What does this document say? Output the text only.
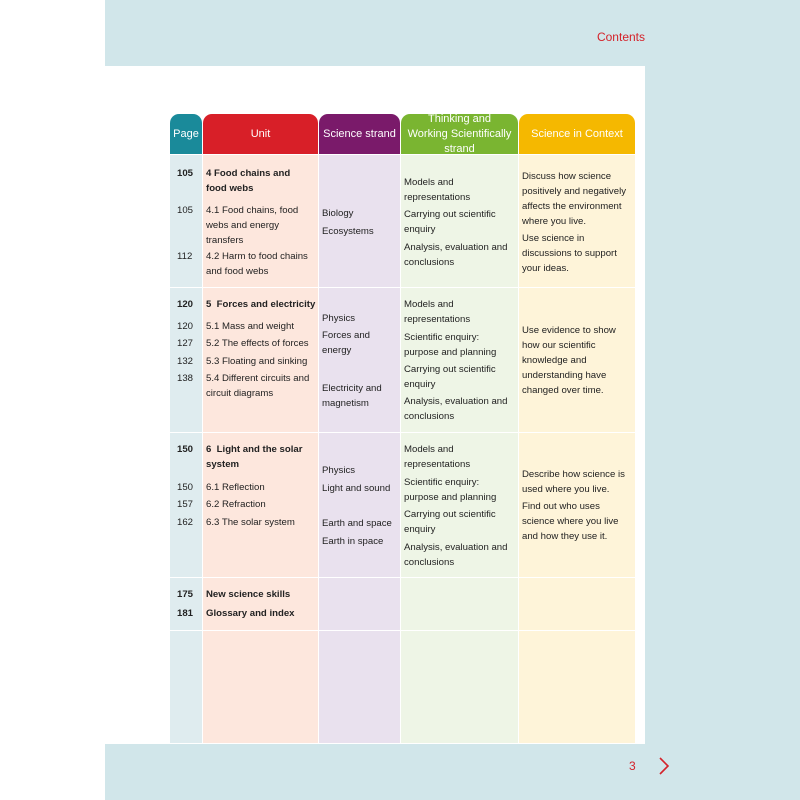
Contents
Page	Unit	Science strand
Thinking and Working Scientifically strand
Science in Context
105
105
112
4 Food chains and food webs
4.1 Food chains, food webs and energy transfers
4.2 Harm to food chains and food webs
Biology
Ecosystems
Models and representations
Carrying out scientific enquiry
Analysis, evaluation and conclusions
Discuss how science positively and negatively affects the environment where you live.
Use science in discussions to support your ideas.
120
120
127
132
138
5  Forces and electricity
5.1 Mass and weight
5.2 The effects of forces
5.3 Floating and sinking
5.4 Different circuits and circuit diagrams
Physics
Forces and energy
Electricity and magnetism
Models and representations
Scientific enquiry: purpose and planning
Carrying out scientific enquiry
Analysis, evaluation and conclusions
Use evidence to show how our scientific knowledge and understanding have changed over time.
150
150
157
162
6  Light and the solar system
6.1 Reflection
6.2 Refraction
6.3 The solar system
Physics
Light and sound
Earth and space
Earth in space
Models and representations
Scientific enquiry: purpose and planning
Carrying out scientific enquiry
Analysis, evaluation and conclusions
Describe how science is used where you live.
Find out who uses science where you live and how they use it.
175
181
New science skills
Glossary and index
3
